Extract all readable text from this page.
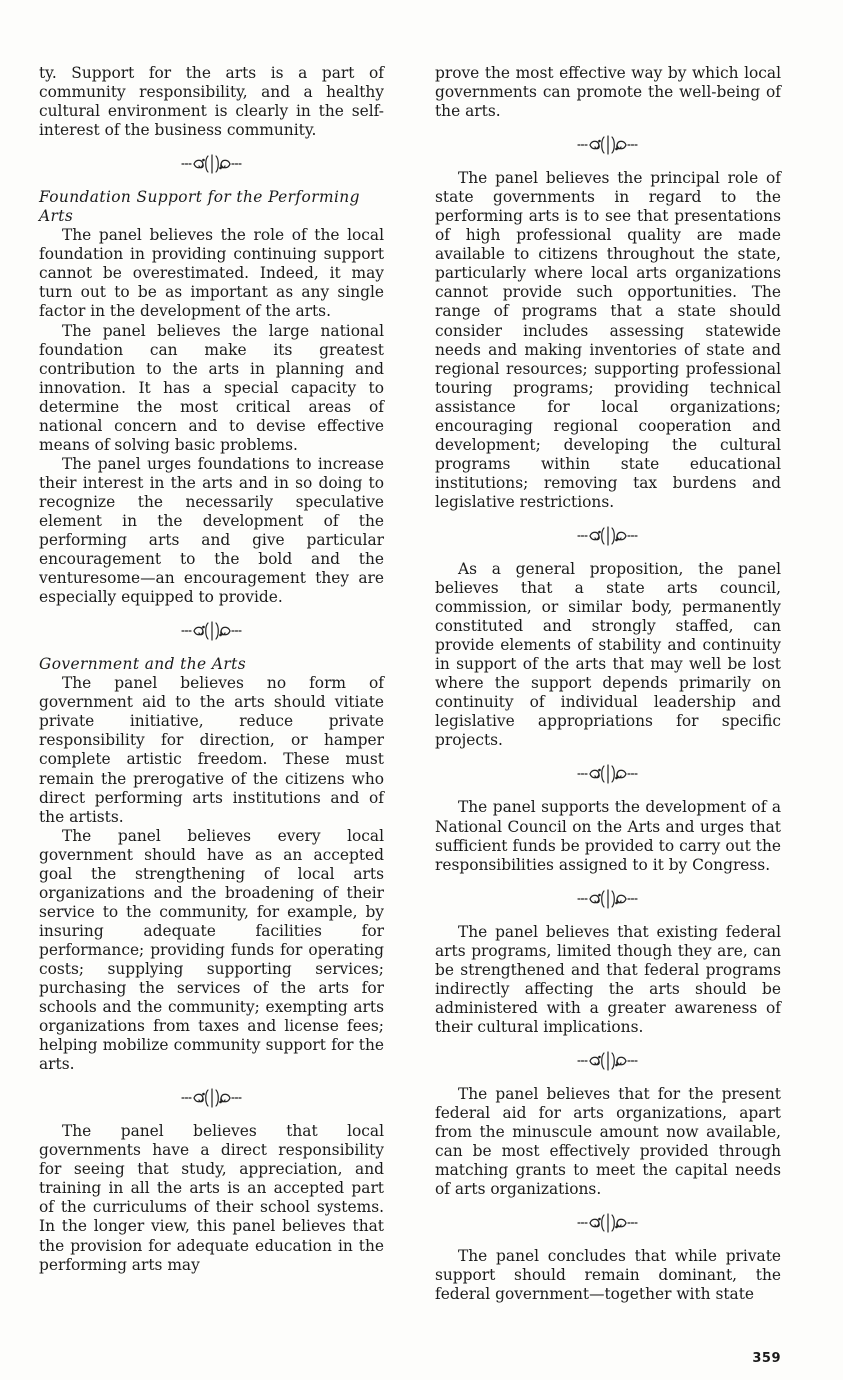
ty. Support for the arts is a part of community responsibility, and a healthy cultural environment is clearly in the self-interest of the business community.

Foundation Support for the Performing Arts

The panel believes the role of the local foundation in providing continuing support cannot be overestimated. Indeed, it may turn out to be as important as any single factor in the development of the arts.

The panel believes the large national foundation can make its greatest contribution to the arts in planning and innovation. It has a special capacity to determine the most critical areas of national concern and to devise effective means of solving basic problems.

The panel urges foundations to increase their interest in the arts and in so doing to recognize the necessarily speculative element in the development of the performing arts and give particular encouragement to the bold and the venturesome—an encouragement they are especially equipped to provide.

Government and the Arts

The panel believes no form of government aid to the arts should vitiate private initiative, reduce private responsibility for direction, or hamper complete artistic freedom. These must remain the prerogative of the citizens who direct performing arts institutions and of the artists.

The panel believes every local government should have as an accepted goal the strengthening of local arts organizations and the broadening of their service to the community, for example, by insuring adequate facilities for performance; providing funds for operating costs; supplying supporting services; purchasing the services of the arts for schools and the community; exempting arts organizations from taxes and license fees; helping mobilize community support for the arts.

The panel believes that local governments have a direct responsibility for seeing that study, appreciation, and training in all the arts is an accepted part of the curriculums of their school systems. In the longer view, this panel believes that the provision for adequate education in the performing arts may

prove the most effective way by which local governments can promote the well-being of the arts.

The panel believes the principal role of state governments in regard to the performing arts is to see that presentations of high professional quality are made available to citizens throughout the state, particularly where local arts organizations cannot provide such opportunities. The range of programs that a state should consider includes assessing statewide needs and making inventories of state and regional resources; supporting professional touring programs; providing technical assistance for local organizations; encouraging regional cooperation and development; developing the cultural programs within state educational institutions; removing tax burdens and legislative restrictions.

As a general proposition, the panel believes that a state arts council, commission, or similar body, permanently constituted and strongly staffed, can provide elements of stability and continuity in support of the arts that may well be lost where the support depends primarily on continuity of individual leadership and legislative appropriations for specific projects.

The panel supports the development of a National Council on the Arts and urges that sufficient funds be provided to carry out the responsibilities assigned to it by Congress.

The panel believes that existing federal arts programs, limited though they are, can be strengthened and that federal programs indirectly affecting the arts should be administered with a greater awareness of their cultural implications.

The panel believes that for the present federal aid for arts organizations, apart from the minuscule amount now available, can be most effectively provided through matching grants to meet the capital needs of arts organizations.

The panel concludes that while private support should remain dominant, the federal government—together with state

359
